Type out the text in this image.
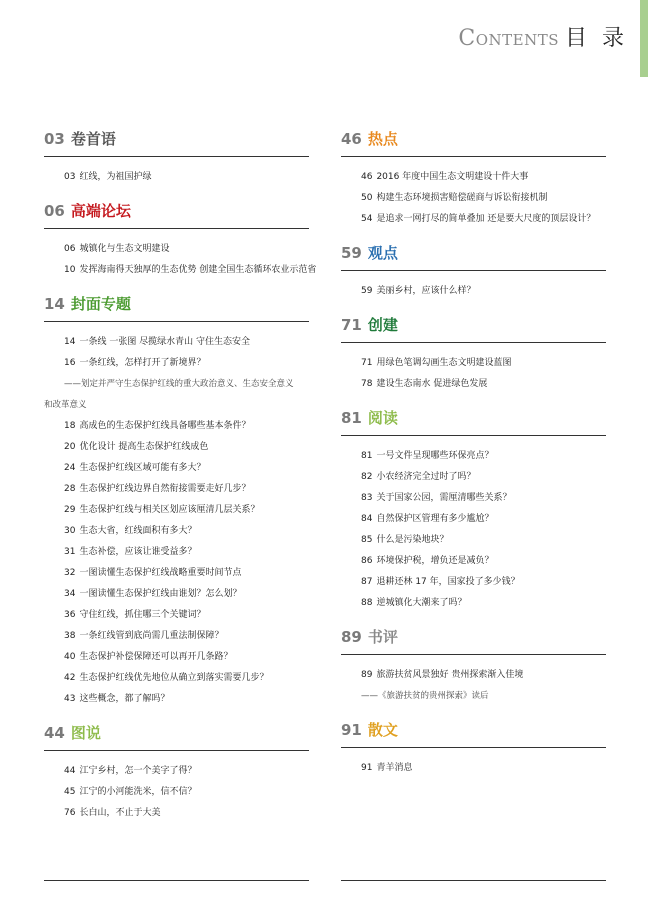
Contents 目 录
03 卷首语
03 红线，为祖国护绿
06 高端论坛
06 城镇化与生态文明建设
10 发挥海南得天独厚的生态优势 创建全国生态循环农业示范省
14 封面专题
14 一条线 一张图 尽揽绿水青山 守住生态安全
16 一条红线，怎样打开了新境界？
——划定并严守生态保护红线的重大政治意义、生态安全意义
和改革意义
18 高成色的生态保护红线具备哪些基本条件？
20 优化设计 提高生态保护红线成色
24 生态保护红线区域可能有多大？
28 生态保护红线边界自然衔接需要走好几步？
29 生态保护红线与相关区划应该厘清几层关系？
30 生态大省，红线面积有多大？
31 生态补偿，应该让谁受益多？
32 一图读懂生态保护红线战略重要时间节点
34 一图读懂生态保护红线由谁划？怎么划？
36 守住红线，抓住哪三个关键词？
38 一条红线管到底尚需几重法制保障？
40 生态保护补偿保障还可以再开几条路？
42 生态保护红线优先地位从确立到落实需要几步？
43 这些概念，都了解吗？
44 图说
44 江宁乡村，怎一个美字了得？
45 江宁的小河能洗米，信不信？
76 长白山，不止于大美
46 热点
46 2016 年度中国生态文明建设十件大事
50 构建生态环境损害赔偿磋商与诉讼衔接机制
54 是追求一网打尽的简单叠加 还是要大尺度的顶层设计？
59 观点
59 美丽乡村，应该什么样？
71 创建
71 用绿色笔调勾画生态文明建设蓝图
78 建设生态南水 促进绿色发展
81 阅读
81 一号文件呈现哪些环保亮点？
82 小农经济完全过时了吗？
83 关于国家公园，需厘清哪些关系？
84 自然保护区管理有多少尴尬？
85 什么是污染地块？
86 环境保护税，增负还是减负？
87 退耕还林 17 年，国家投了多少钱？
88 逆城镇化大潮来了吗？
89 书评
89 旅游扶贫风景独好 贵州探索渐入佳境
——《旅游扶贫的贵州探索》读后
91 散文
91 青羊消息
